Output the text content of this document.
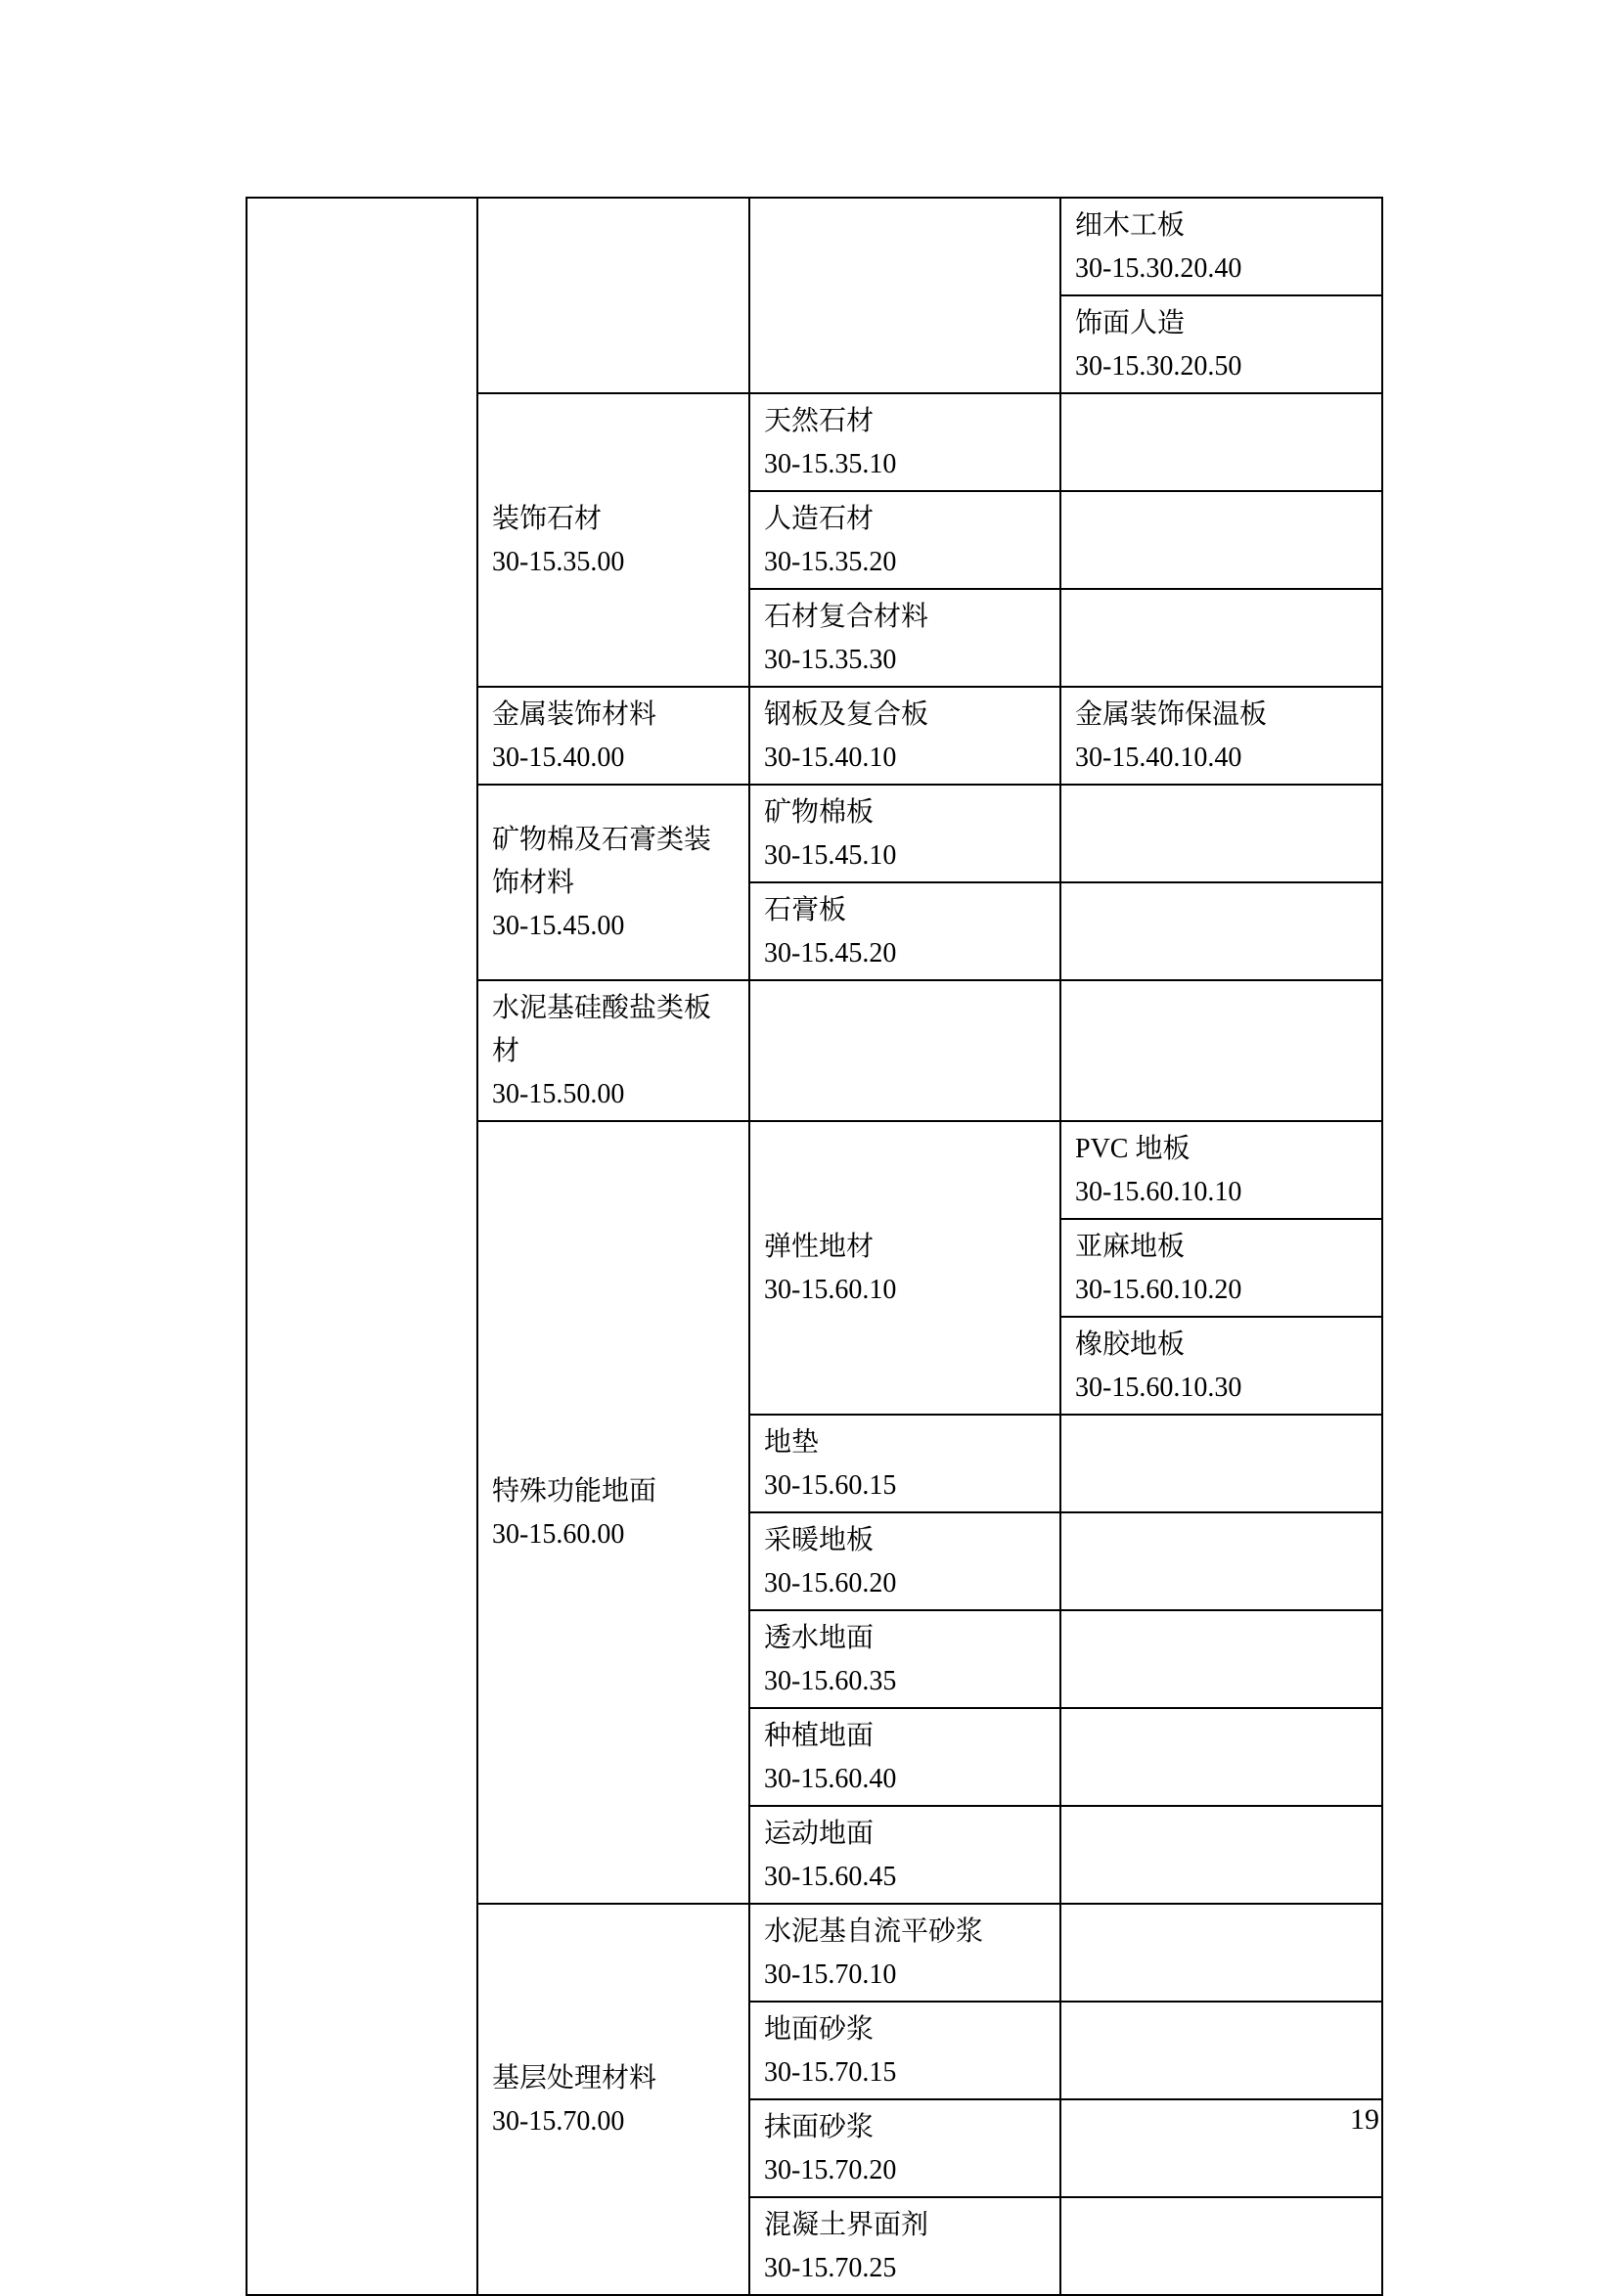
			细木工板
30-15.30.20.40

			饰面人造
30-15.30.20.50

	装饰石材
30-15.35.00	天然石材
30-15.35.10	

		人造石材
30-15.35.20	

		石材复合材料
30-15.35.30	

	金属装饰材料
30-15.40.00	钢板及复合板
30-15.40.10	金属装饰保温板
30-15.40.10.40

	矿物棉及石膏类装饰材料
30-15.45.00	矿物棉板
30-15.45.10	

		石膏板
30-15.45.20	

	水泥基硅酸盐类板材
30-15.50.00		

	特殊功能地面
30-15.60.00	弹性地材
30-15.60.10	PVC 地板
30-15.60.10.10

			亚麻地板
30-15.60.10.20

			橡胶地板
30-15.60.10.30

		地垫
30-15.60.15	

		采暖地板
30-15.60.20	

		透水地面
30-15.60.35	

		种植地面
30-15.60.40	

		运动地面
30-15.60.45	

	基层处理材料
30-15.70.00	水泥基自流平砂浆
30-15.70.10	

		地面砂浆
30-15.70.15	

		抹面砂浆
30-15.70.20	

		混凝土界面剂
30-15.70.25	

19
